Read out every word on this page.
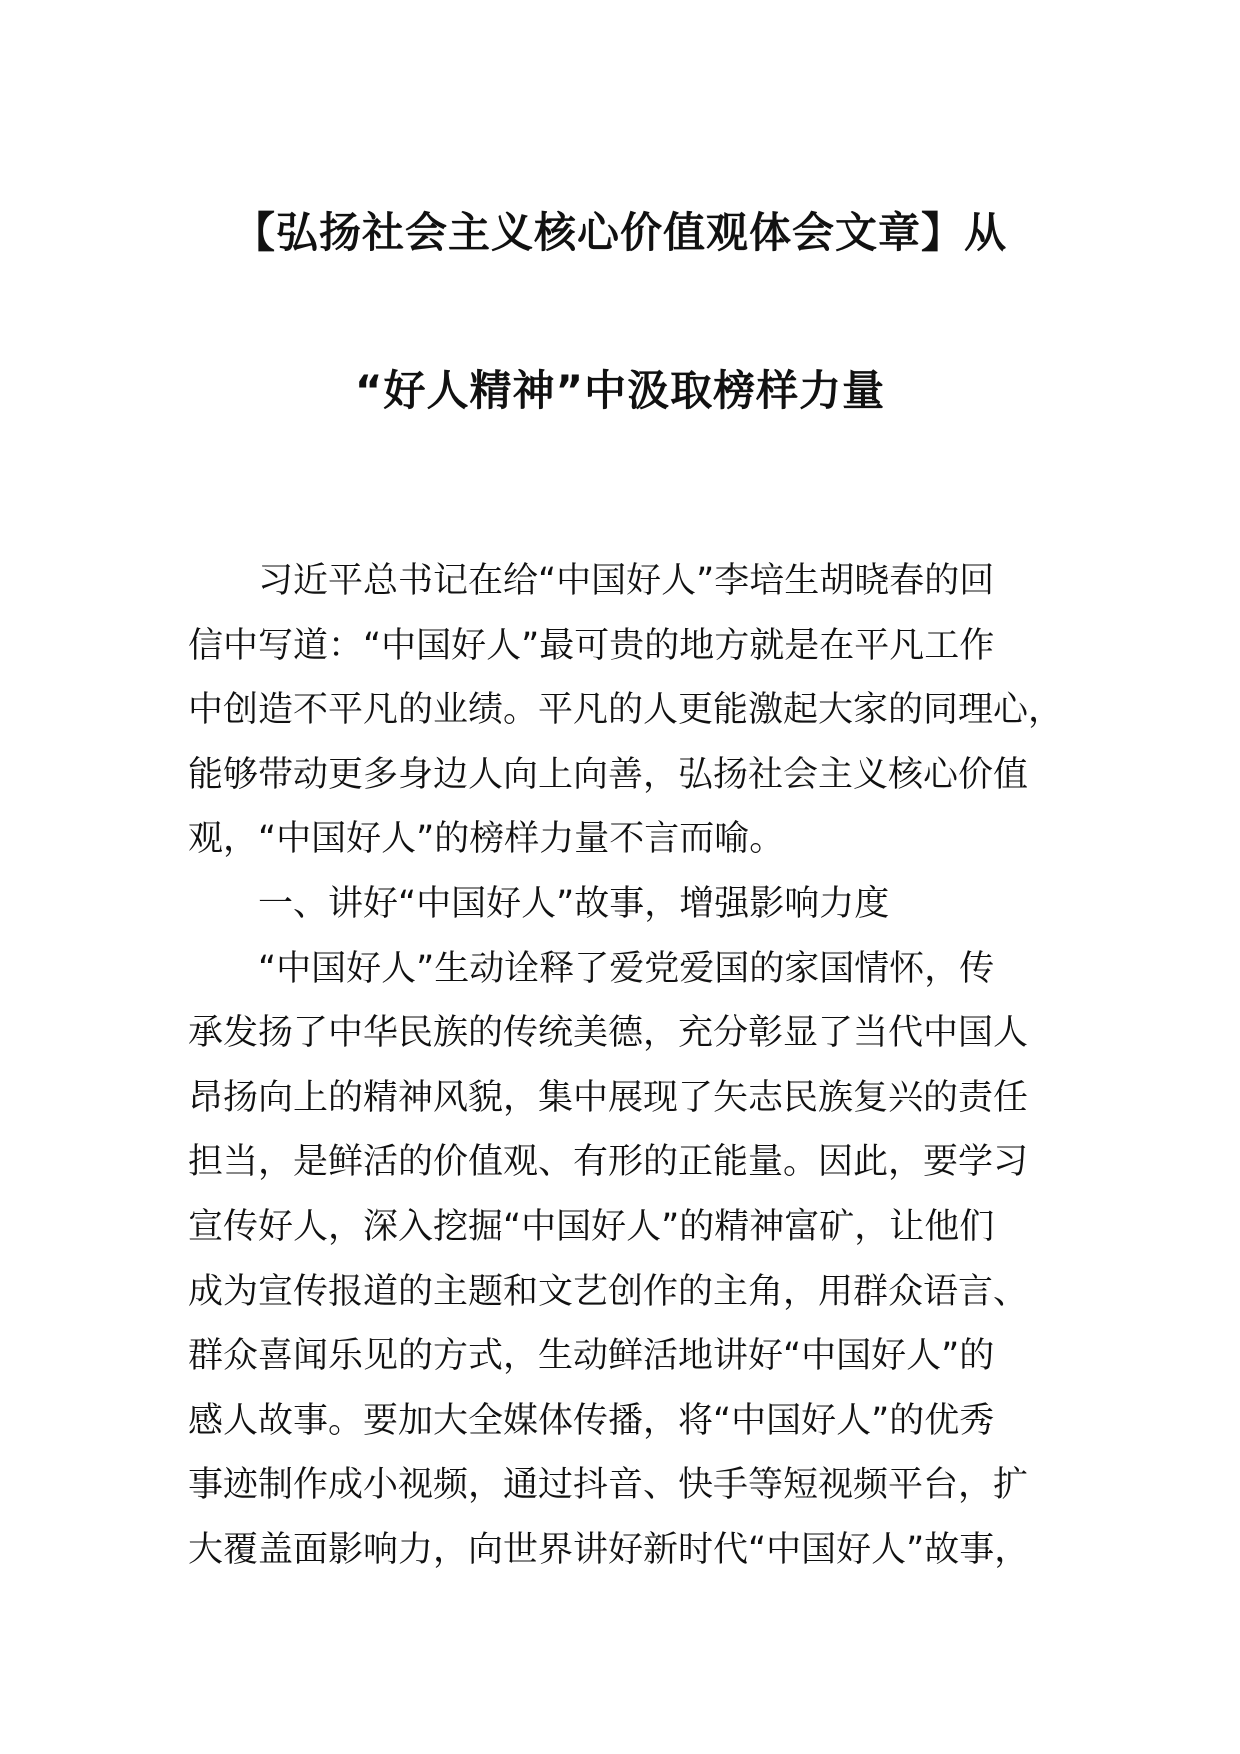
【弘扬社会主义核心价值观体会文章】从
“好人精神”中汲取榜样力量
习近平总书记在给“中国好人”李培生胡晓春的回
信中写道：“中国好人”最可贵的地方就是在平凡工作
中创造不平凡的业绩。平凡的人更能激起大家的同理心，
能够带动更多身边人向上向善，弘扬社会主义核心价值
观，“中国好人”的榜样力量不言而喻。
一、讲好“中国好人”故事，增强影响力度
“中国好人”生动诠释了爱党爱国的家国情怀，传
承发扬了中华民族的传统美德，充分彰显了当代中国人
昂扬向上的精神风貌，集中展现了矢志民族复兴的责任
担当，是鲜活的价值观、有形的正能量。因此，要学习
宣传好人，深入挖掘“中国好人”的精神富矿，让他们
成为宣传报道的主题和文艺创作的主角，用群众语言、
群众喜闻乐见的方式，生动鲜活地讲好“中国好人”的
感人故事。要加大全媒体传播，将“中国好人”的优秀
事迹制作成小视频，通过抖音、快手等短视频平台，扩
大覆盖面影响力，向世界讲好新时代“中国好人”故事，
